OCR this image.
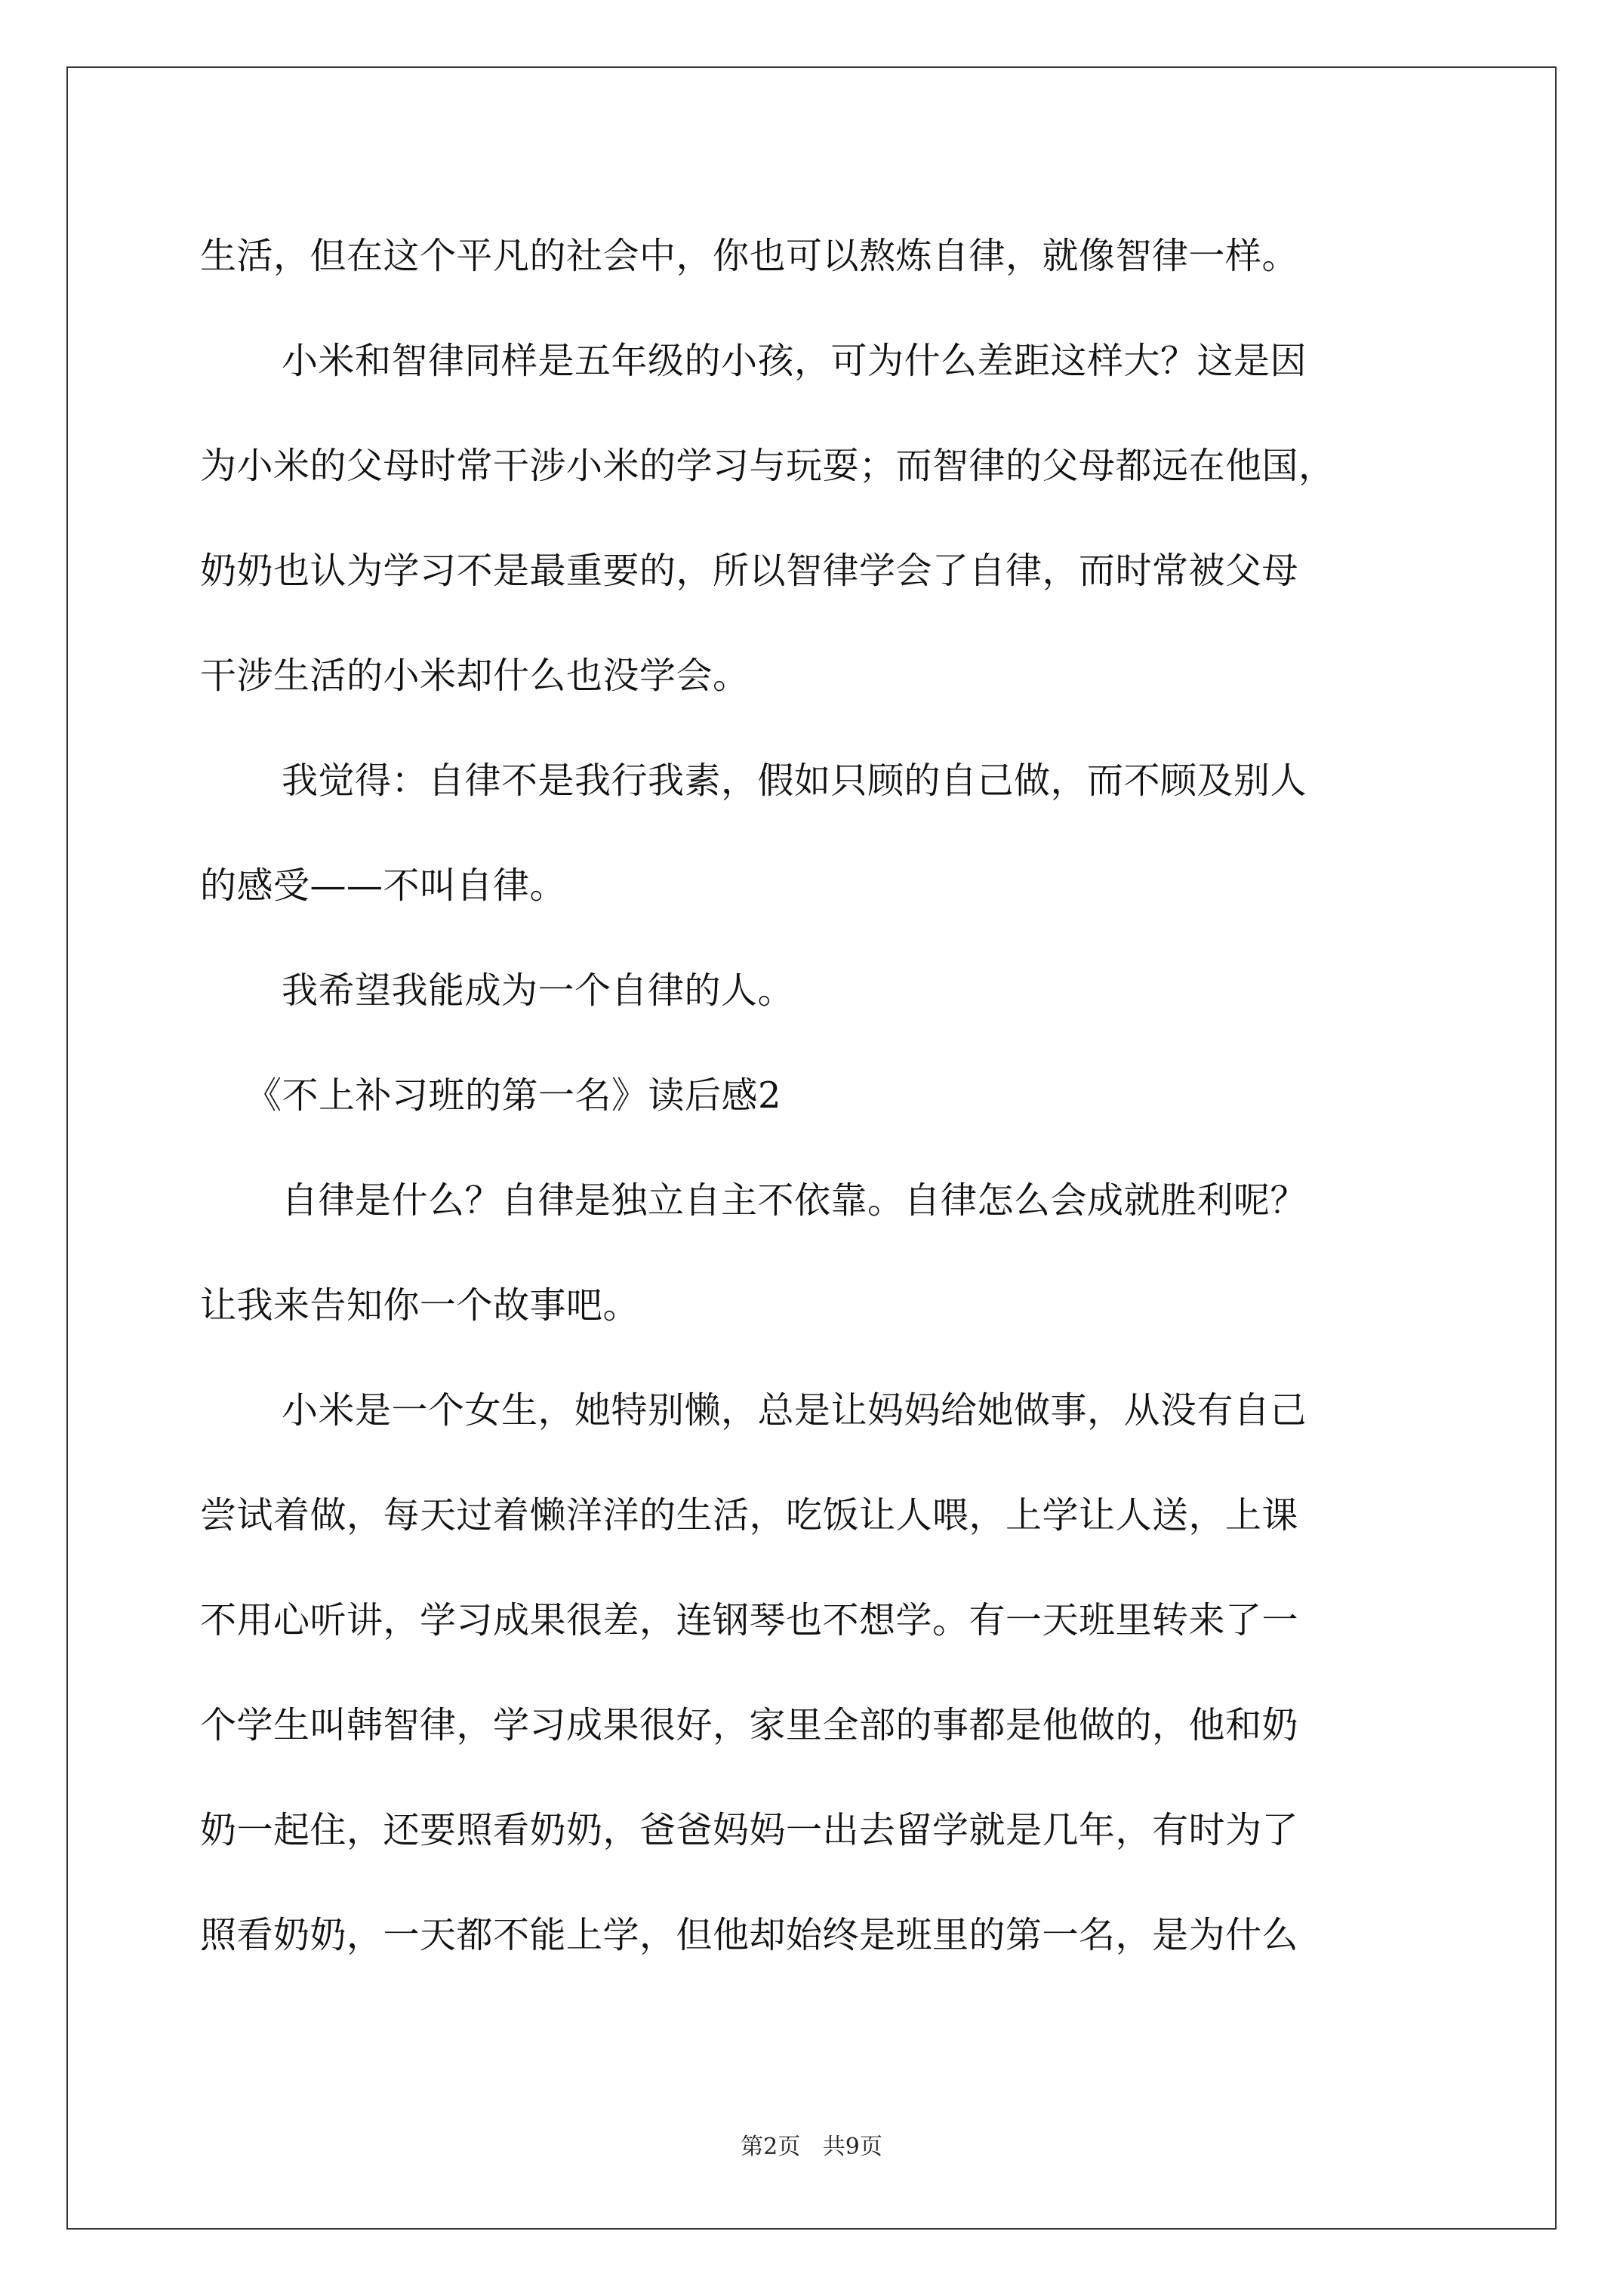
生活，但在这个平凡的社会中，你也可以熬炼自律，就像智律一样。
小米和智律同样是五年级的小孩，可为什么差距这样大？这是因
为小米的父母时常干涉小米的学习与玩耍；而智律的父母都远在他国，
奶奶也认为学习不是最重要的，所以智律学会了自律，而时常被父母
干涉生活的小米却什么也没学会。
我觉得：自律不是我行我素，假如只顾的自己做，而不顾及别人
的感受——不叫自律。
我希望我能成为一个自律的人。
《不上补习班的第一名》读后感2
自律是什么？自律是独立自主不依靠。自律怎么会成就胜利呢？
让我来告知你一个故事吧。
小米是一个女生，她特别懒，总是让妈妈给她做事，从没有自己
尝试着做，每天过着懒洋洋的生活，吃饭让人喂，上学让人送，上课
不用心听讲，学习成果很差，连钢琴也不想学。有一天班里转来了一
个学生叫韩智律，学习成果很好，家里全部的事都是他做的，他和奶
奶一起住，还要照看奶奶，爸爸妈妈一出去留学就是几年，有时为了
照看奶奶，一天都不能上学，但他却始终是班里的第一名，是为什么
第2页 共9页
